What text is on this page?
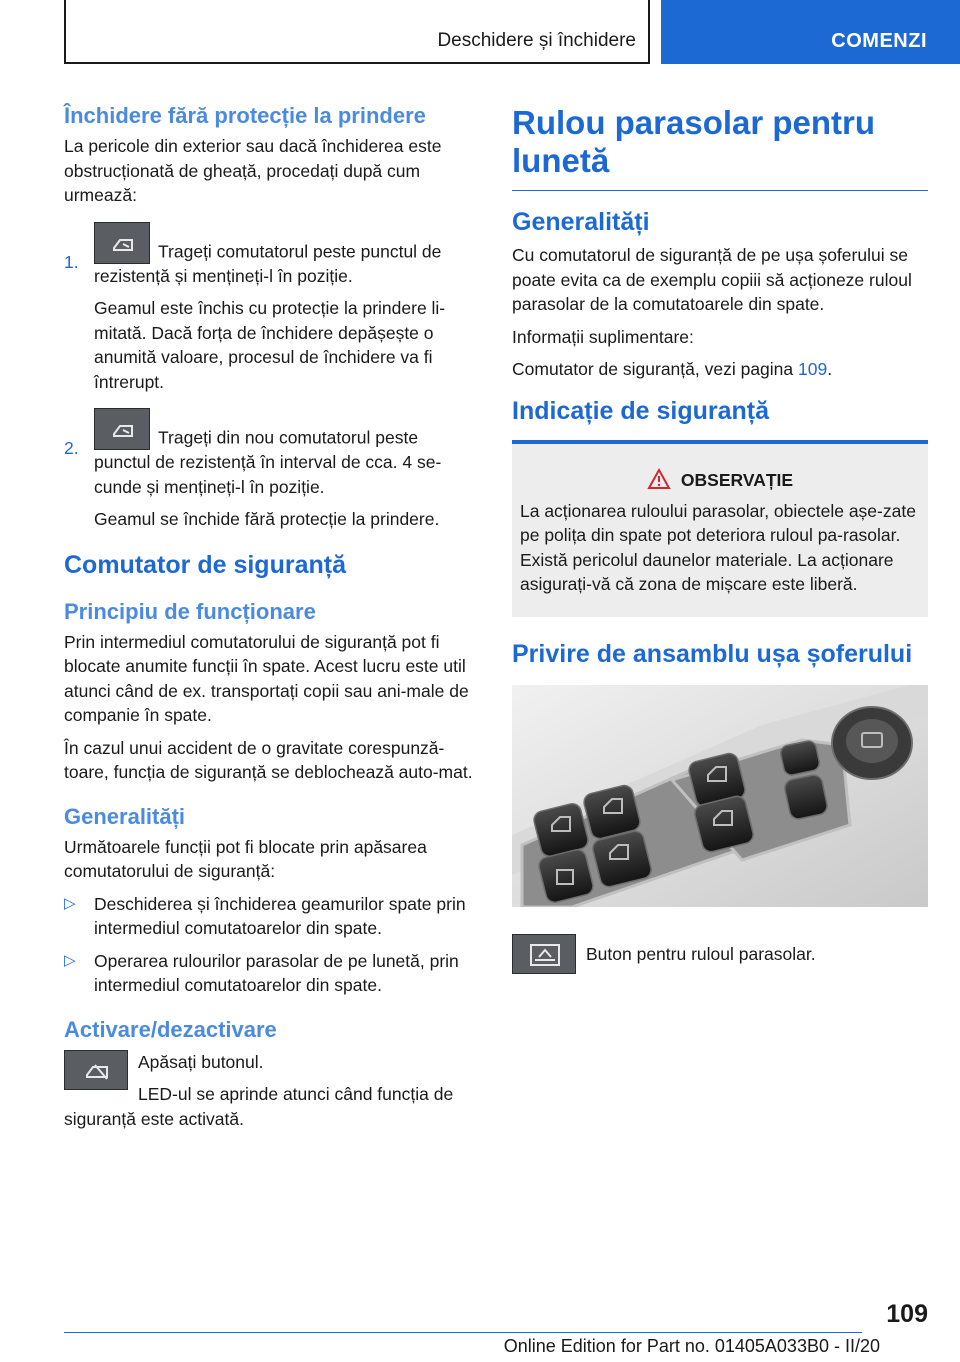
Deschidere și închidere	COMENZI
Închidere fără protecție la prindere

La pericole din exterior sau dacă închiderea este obstrucționată de gheață, procedați după cum urmează:

1.

Trageți comutatorul peste punctul de rezistență și mențineți-l în poziție.

Geamul este închis cu protecție la prindere li‐mitată. Dacă forța de închidere depășește o anumită valoare, procesul de închidere va fi întrerupt.

2.

Trageți din nou comutatorul peste punctul de rezistență în interval de cca. 4 se‐cunde și mențineți-l în poziție.

Geamul se închide fără protecție la prindere.

Comutator de siguranță
Principiu de funcționare

Prin intermediul comutatorului de siguranță pot fi blocate anumite funcții în spate. Acest lucru este util atunci când de ex. transportați copii sau ani‐male de companie în spate.

În cazul unui accident de o gravitate corespunză‐toare, funcția de siguranță se deblochează auto‐mat.

Generalități

Următoarele funcții pot fi blocate prin apăsarea comutatorului de siguranță:

▷ Deschiderea și închiderea geamurilor spate prin intermediul comutatoarelor din spate.

▷ Operarea rulourilor parasolar de pe lunetă, prin intermediul comutatoarelor din spate.

Activare/dezactivare

Apăsați butonul.

LED-ul se aprinde atunci când funcția de siguranță este activată.

Rulou parasolar pentru lunetă
Generalități

Cu comutatorul de siguranță de pe ușa șoferului se poate evita ca de exemplu copiii să acționeze ruloul parasolar de la comutatoarele din spate.

Informații suplimentare:

Comutator de siguranță, vezi pagina 109.

Indicație de siguranță
OBSERVAȚIE

La acționarea ruloului parasolar, obiectele așe‐zate pe polița din spate pot deteriora ruloul pa‐rasolar. Există pericolul daunelor materiale. La acționare asigurați-vă că zona de mișcare este liberă.

Privire de ansamblu ușa șoferului

Buton pentru ruloul parasolar.

109
Online Edition for Part no. 01405A033B0 - II/20
